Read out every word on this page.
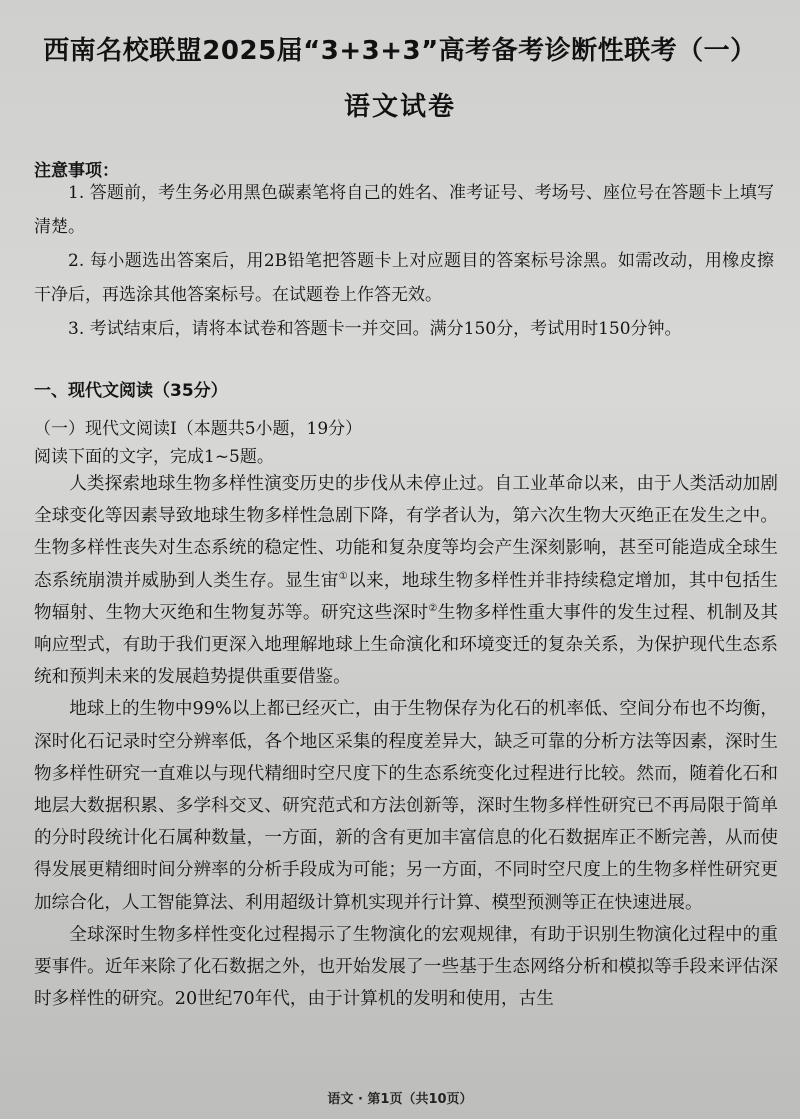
西南名校联盟2025届“3+3+3”高考备考诊断性联考（一）
语文试卷
注意事项：
1. 答题前，考生务必用黑色碳素笔将自己的姓名、准考证号、考场号、座位号在答题卡上填写清楚。
2. 每小题选出答案后，用2B铅笔把答题卡上对应题目的答案标号涂黑。如需改动，用橡皮擦干净后，再选涂其他答案标号。在试题卷上作答无效。
3. 考试结束后，请将本试卷和答题卡一并交回。满分150分，考试用时150分钟。
一、现代文阅读（35分）
（一）现代文阅读Ⅰ（本题共5小题，19分）
阅读下面的文字，完成1~5题。

人类探索地球生物多样性演变历史的步伐从未停止过。自工业革命以来，由于人类活动加剧全球变化等因素导致地球生物多样性急剧下降，有学者认为，第六次生物大灭绝正在发生之中。生物多样性丧失对生态系统的稳定性、功能和复杂度等均会产生深刻影响，甚至可能造成全球生态系统崩溃并威胁到人类生存。显生宙①以来，地球生物多样性并非持续稳定增加，其中包括生物辐射、生物大灭绝和生物复苏等。研究这些深时②生物多样性重大事件的发生过程、机制及其响应型式，有助于我们更深入地理解地球上生命演化和环境变迁的复杂关系，为保护现代生态系统和预判未来的发展趋势提供重要借鉴。

地球上的生物中99%以上都已经灭亡，由于生物保存为化石的机率低、空间分布也不均衡，深时化石记录时空分辨率低，各个地区采集的程度差异大，缺乏可靠的分析方法等因素，深时生物多样性研究一直难以与现代精细时空尺度下的生态系统变化过程进行比较。然而，随着化石和地层大数据积累、多学科交叉、研究范式和方法创新等，深时生物多样性研究已不再局限于简单的分时段统计化石属种数量，一方面，新的含有更加丰富信息的化石数据库正不断完善，从而使得发展更精细时间分辨率的分析手段成为可能；另一方面，不同时空尺度上的生物多样性研究更加综合化，人工智能算法、利用超级计算机实现并行计算、模型预测等正在快速进展。

全球深时生物多样性变化过程揭示了生物演化的宏观规律，有助于识别生物演化过程中的重要事件。近年来除了化石数据之外，也开始发展了一些基于生态网络分析和模拟等手段来评估深时多样性的研究。20世纪70年代，由于计算机的发明和使用，古生

语文 · 第1页（共10页）
